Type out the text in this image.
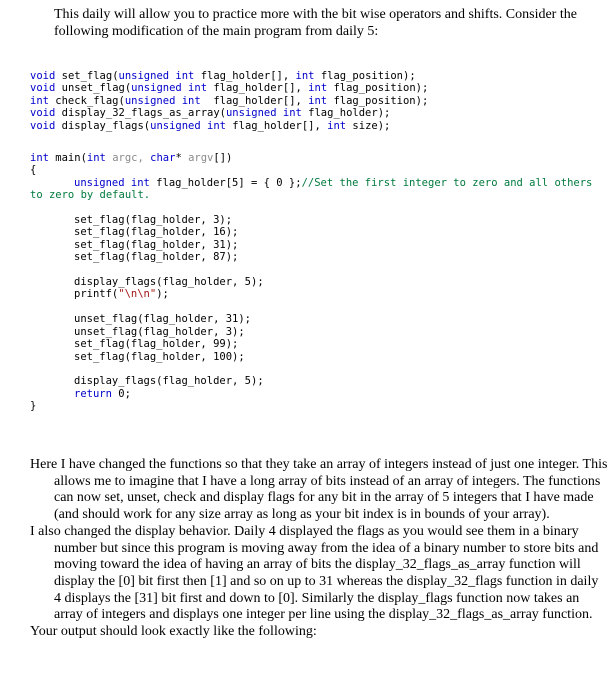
This daily will allow you to practice more with the bit wise operators and shifts. Consider the following modification of the main program from daily 5:
void set_flag(unsigned int flag_holder[], int flag_position);
void unset_flag(unsigned int flag_holder[], int flag_position);
int check_flag(unsigned int  flag_holder[], int flag_position);
void display_32_flags_as_array(unsigned int flag_holder);
void display_flags(unsigned int flag_holder[], int size);
int main(int argc, char* argv[])
{
unsigned int flag_holder[5] = { 0 };//Set the first integer to zero and all others
to zero by default.

set_flag(flag_holder, 3);
set_flag(flag_holder, 16);
set_flag(flag_holder, 31);
set_flag(flag_holder, 87);

display_flags(flag_holder, 5);
printf("\n\n");

unset_flag(flag_holder, 31);
unset_flag(flag_holder, 3);
set_flag(flag_holder, 99);
set_flag(flag_holder, 100);

display_flags(flag_holder, 5);
return 0;
}

Here I have changed the functions so that they take an array of integers instead of just one integer. This allows me to imagine that I have a long array of bits instead of an array of integers. The functions can now set, unset, check and display flags for any bit in the array of 5 integers that I have made (and should work for any size array as long as your bit index is in bounds of your array).

I also changed the display behavior. Daily 4 displayed the flags as you would see them in a binary number but since this program is moving away from the idea of a binary number to store bits and moving toward the idea of having an array of bits the display_32_flags_as_array function will display the [0] bit first then [1] and so on up to 31 whereas the display_32_flags function in daily 4 displays the [31] bit first and down to [0]. Similarly the display_flags function now takes an array of integers and displays one integer per line using the display_32_flags_as_array function.

Your output should look exactly like the following:
